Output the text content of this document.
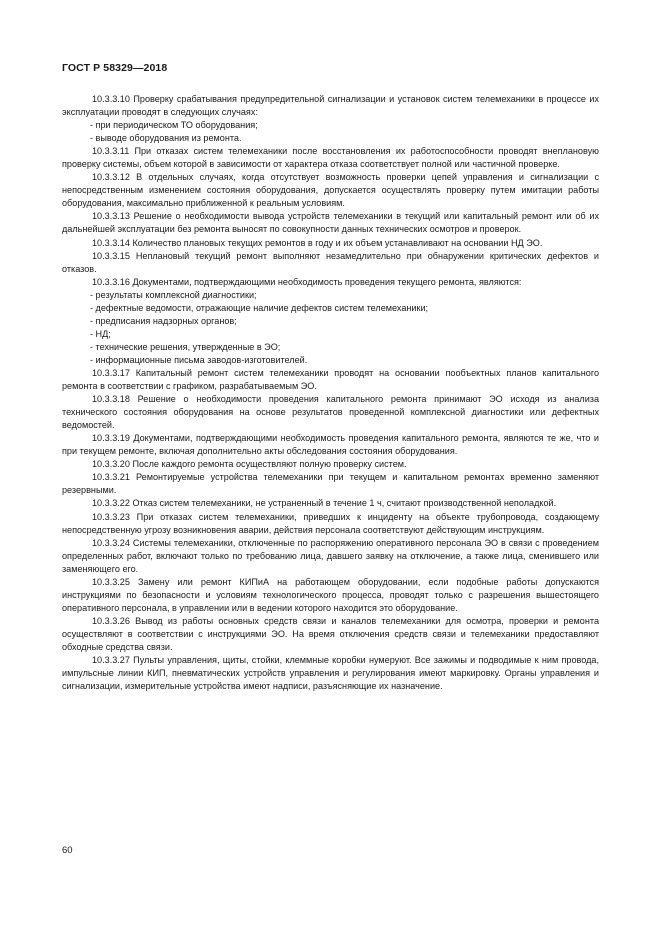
ГОСТ Р 58329—2018

10.3.3.10 Проверку срабатывания предупредительной сигнализации и установок систем телемеханики в процессе их эксплуатации проводят в следующих случаях:

- при периодическом ТО оборудования;

- выводе оборудования из ремонта.

10.3.3.11 При отказах систем телемеханики после восстановления их работоспособности проводят внеплановую проверку системы, объем которой в зависимости от характера отказа соответствует полной или частичной проверке.

10.3.3.12 В отдельных случаях, когда отсутствует возможность проверки цепей управления и сигнализации с непосредственным изменением состояния оборудования, допускается осуществлять проверку путем имитации работы оборудования, максимально приближенной к реальным условиям.

10.3.3.13 Решение о необходимости вывода устройств телемеханики в текущий или капитальный ремонт или об их дальнейшей эксплуатации без ремонта выносят по совокупности данных технических осмотров и проверок.

10.3.3.14 Количество плановых текущих ремонтов в году и их объем устанавливают на основании НД ЭО.

10.3.3.15 Неплановый текущий ремонт выполняют незамедлительно при обнаружении критических дефектов и отказов.

10.3.3.16 Документами, подтверждающими необходимость проведения текущего ремонта, являются:

- результаты комплексной диагностики;

- дефектные ведомости, отражающие наличие дефектов систем телемеханики;

- предписания надзорных органов;

- НД;

- технические решения, утвержденные в ЭО;

- информационные письма заводов-изготовителей.

10.3.3.17 Капитальный ремонт систем телемеханики проводят на основании пообъектных планов капитального ремонта в соответствии с графиком, разрабатываемым ЭО.

10.3.3.18 Решение о необходимости проведения капитального ремонта принимают ЭО исходя из анализа технического состояния оборудования на основе результатов проведенной комплексной диагностики или дефектных ведомостей.

10.3.3.19 Документами, подтверждающими необходимость проведения капитального ремонта, являются те же, что и при текущем ремонте, включая дополнительно акты обследования состояния оборудования.

10.3.3.20 После каждого ремонта осуществляют полную проверку систем.

10.3.3.21 Ремонтируемые устройства телемеханики при текущем и капитальном ремонтах временно заменяют резервными.

10.3.3.22 Отказ систем телемеханики, не устраненный в течение 1 ч, считают производственной неполадкой.

10.3.3.23 При отказах систем телемеханики, приведших к инциденту на объекте трубопровода, создающему непосредственную угрозу возникновения аварии, действия персонала соответствуют действующим инструкциям.

10.3.3.24 Системы телемеханики, отключенные по распоряжению оперативного персонала ЭО в связи с проведением определенных работ, включают только по требованию лица, давшего заявку на отключение, а также лица, сменившего или заменяющего его.

10.3.3.25 Замену или ремонт КИПиА на работающем оборудовании, если подобные работы допускаются инструкциями по безопасности и условиям технологического процесса, проводят только с разрешения вышестоящего оперативного персонала, в управлении или в ведении которого находится это оборудование.

10.3.3.26 Вывод из работы основных средств связи и каналов телемеханики для осмотра, проверки и ремонта осуществляют в соответствии с инструкциями ЭО. На время отключения средств связи и телемеханики предоставляют обходные средства связи.

10.3.3.27 Пульты управления, щиты, стойки, клеммные коробки нумеруют. Все зажимы и подводимые к ним провода, импульсные линии КИП, пневматических устройств управления и регулирования имеют маркировку. Органы управления и сигнализации, измерительные устройства имеют надписи, разъясняющие их назначение.

60
